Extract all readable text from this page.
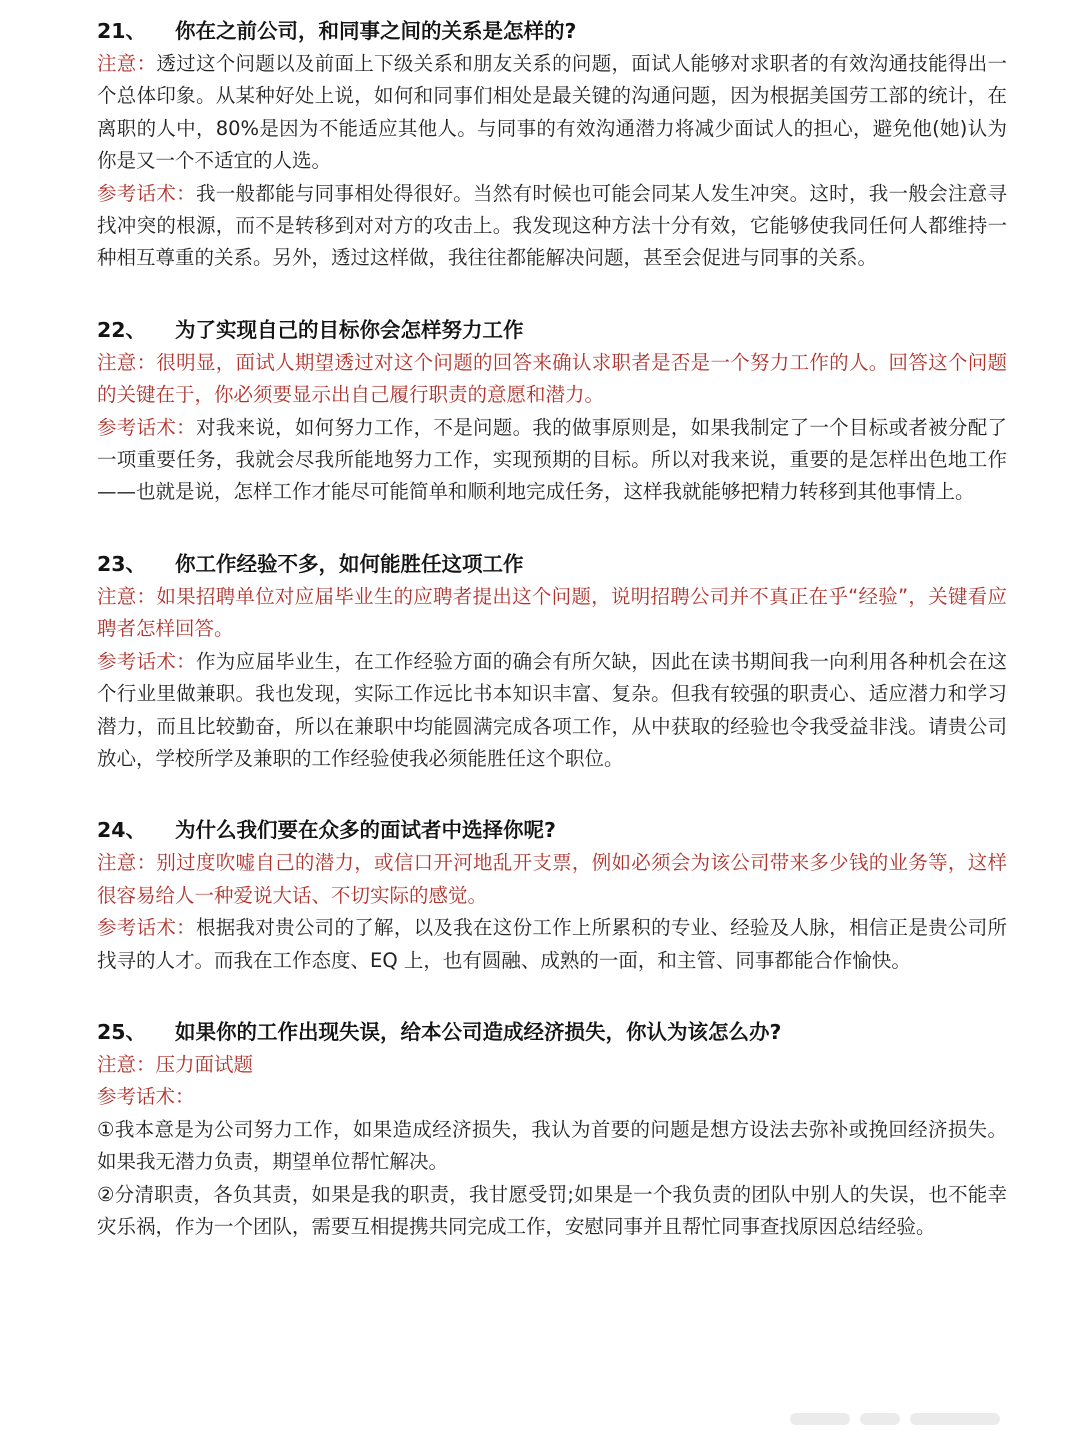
21、 你在之前公司，和同事之间的关系是怎样的?

注意：透过这个问题以及前面上下级关系和朋友关系的问题，面试人能够对求职者的有效沟通技能得出一个总体印象。从某种好处上说，如何和同事们相处是最关键的沟通问题，因为根据美国劳工部的统计，在离职的人中，80%是因为不能适应其他人。与同事的有效沟通潜力将减少面试人的担心，避免他(她)认为你是又一个不适宜的人选。

参考话术：我一般都能与同事相处得很好。当然有时候也可能会同某人发生冲突。这时，我一般会注意寻找冲突的根源，而不是转移到对对方的攻击上。我发现这种方法十分有效，它能够使我同任何人都维持一种相互尊重的关系。另外，透过这样做，我往往都能解决问题，甚至会促进与同事的关系。

22、 为了实现自己的目标你会怎样努力工作

注意：很明显，面试人期望透过对这个问题的回答来确认求职者是否是一个努力工作的人。回答这个问题的关键在于，你必须要显示出自己履行职责的意愿和潜力。

参考话术：对我来说，如何努力工作，不是问题。我的做事原则是，如果我制定了一个目标或者被分配了一项重要任务，我就会尽我所能地努力工作，实现预期的目标。所以对我来说，重要的是怎样出色地工作——也就是说，怎样工作才能尽可能简单和顺利地完成任务，这样我就能够把精力转移到其他事情上。

23、 你工作经验不多，如何能胜任这项工作

注意：如果招聘单位对应届毕业生的应聘者提出这个问题，说明招聘公司并不真正在乎“经验”，关键看应聘者怎样回答。

参考话术：作为应届毕业生，在工作经验方面的确会有所欠缺，因此在读书期间我一向利用各种机会在这个行业里做兼职。我也发现，实际工作远比书本知识丰富、复杂。但我有较强的职责心、适应潜力和学习潜力，而且比较勤奋，所以在兼职中均能圆满完成各项工作，从中获取的经验也令我受益非浅。请贵公司放心，学校所学及兼职的工作经验使我必须能胜任这个职位。

24、 为什么我们要在众多的面试者中选择你呢?

注意：别过度吹嘘自己的潜力，或信口开河地乱开支票，例如必须会为该公司带来多少钱的业务等，这样很容易给人一种爱说大话、不切实际的感觉。

参考话术：根据我对贵公司的了解，以及我在这份工作上所累积的专业、经验及人脉，相信正是贵公司所找寻的人才。而我在工作态度、EQ 上，也有圆融、成熟的一面，和主管、同事都能合作愉快。

25、 如果你的工作出现失误，给本公司造成经济损失，你认为该怎么办?

注意：压力面试题

参考话术：

①我本意是为公司努力工作，如果造成经济损失，我认为首要的问题是想方设法去弥补或挽回经济损失。如果我无潜力负责，期望单位帮忙解决。

②分清职责，各负其责，如果是我的职责，我甘愿受罚;如果是一个我负责的团队中别人的失误，也不能幸灾乐祸，作为一个团队，需要互相提携共同完成工作，安慰同事并且帮忙同事查找原因总结经验。
